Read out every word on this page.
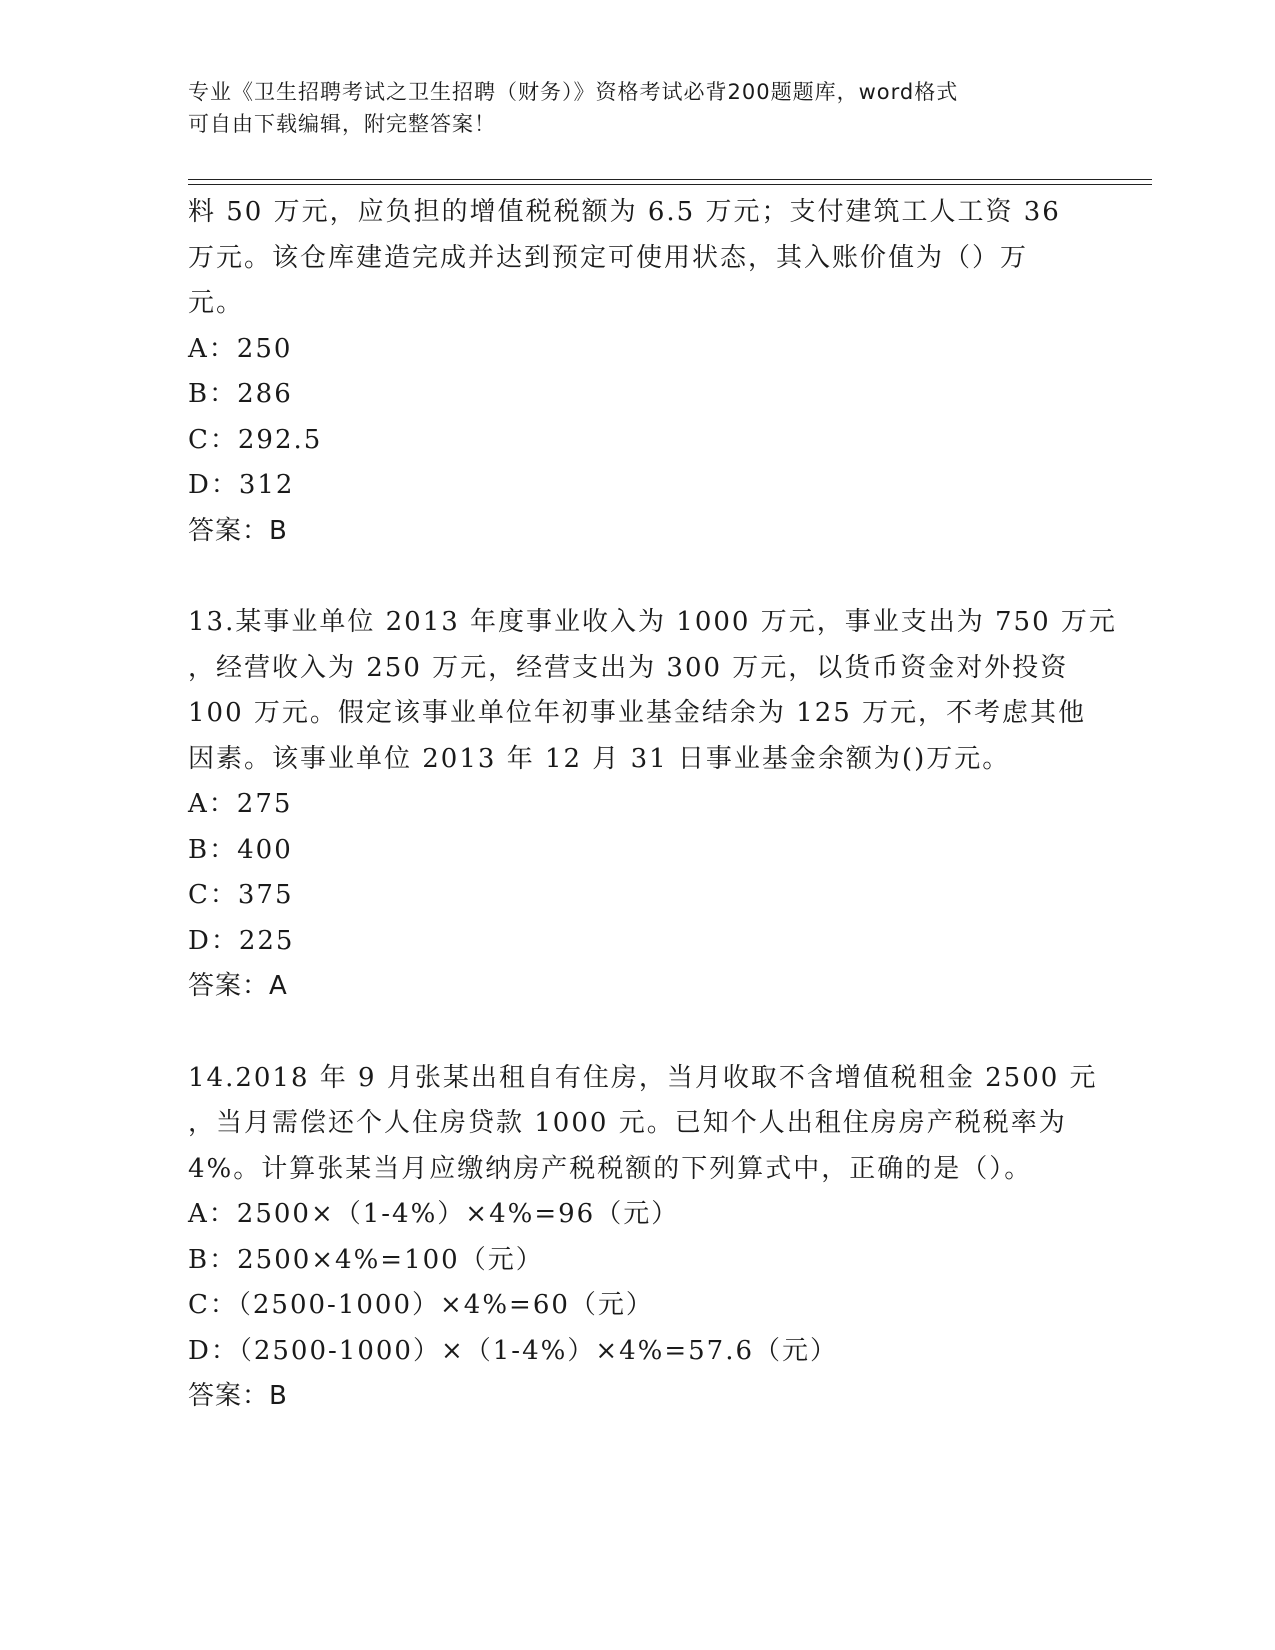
专业《卫生招聘考试之卫生招聘（财务）》资格考试必背200题题库，word格式
可自由下载编辑，附完整答案！
料 50 万元，应负担的增值税税额为 6.5 万元；支付建筑工人工资 36
万元。该仓库建造完成并达到预定可使用状态，其入账价值为（）万
元。
A：250
B：286
C：292.5
D：312
答案：B
13.某事业单位 2013 年度事业收入为 1000 万元，事业支出为 750 万元
，经营收入为 250 万元，经营支出为 300 万元，以货币资金对外投资
100 万元。假定该事业单位年初事业基金结余为 125 万元，不考虑其他
因素。该事业单位 2013 年 12 月 31 日事业基金余额为()万元。
A：275
B：400
C：375
D：225
答案：A
14.2018 年 9 月张某出租自有住房，当月收取不含增值税租金 2500 元
，当月需偿还个人住房贷款 1000 元。已知个人出租住房房产税税率为
4%。计算张某当月应缴纳房产税税额的下列算式中，正确的是（）。
A：2500×（1-4%）×4%=96（元）
B：2500×4%=100（元）
C：（2500-1000）×4%=60（元）
D：（2500-1000）×（1-4%）×4%=57.6（元）
答案：B
